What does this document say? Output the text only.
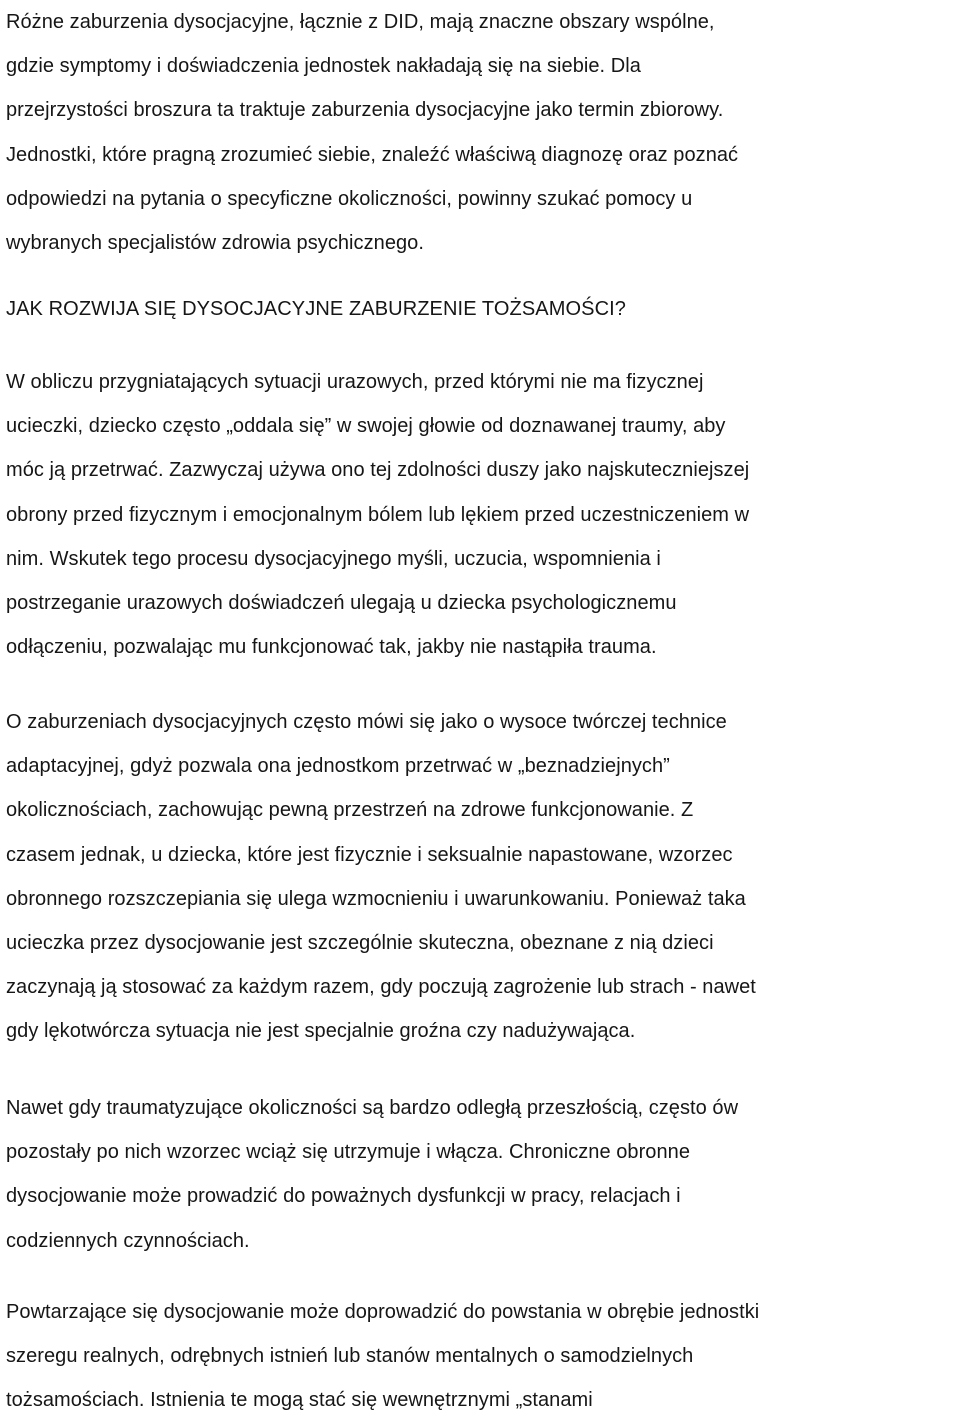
Różne zaburzenia dysocjacyjne, łącznie z DID, mają znaczne obszary wspólne,
gdzie symptomy i doświadczenia jednostek nakładają się na siebie. Dla
przejrzystości broszura ta traktuje zaburzenia dysocjacyjne jako termin zbiorowy.
Jednostki, które pragną zrozumieć siebie, znaleźć właściwą diagnozę oraz poznać
odpowiedzi na pytania o specyficzne okoliczności, powinny szukać pomocy u
wybranych specjalistów zdrowia psychicznego.
JAK ROZWIJA SIĘ DYSOCJACYJNE ZABURZENIE TOŻSAMOŚCI?
W obliczu przygniatających sytuacji urazowych, przed którymi nie ma fizycznej
ucieczki, dziecko często „oddala się” w swojej głowie od doznawanej traumy, aby
móc ją przetrwać. Zazwyczaj używa ono tej zdolności duszy jako najskuteczniejszej
obrony przed fizycznym i emocjonalnym bólem lub lękiem przed uczestniczeniem w
nim. Wskutek tego procesu dysocjacyjnego myśli, uczucia, wspomnienia i
postrzeganie urazowych doświadczeń ulegają u dziecka psychologicznemu
odłączeniu, pozwalając mu funkcjonować tak, jakby nie nastąpiła trauma.
O zaburzeniach dysocjacyjnych często mówi się jako o wysoce twórczej technice
adaptacyjnej, gdyż pozwala ona jednostkom przetrwać w „beznadziejnych”
okolicznościach, zachowując pewną przestrzeń na zdrowe funkcjonowanie. Z
czasem jednak, u dziecka, które jest fizycznie i seksualnie napastowane, wzorzec
obronnego rozszczepiania się ulega wzmocnieniu i uwarunkowaniu. Ponieważ taka
ucieczka przez dysocjowanie jest szczególnie skuteczna, obeznane z nią dzieci
zaczynają ją stosować za każdym razem, gdy poczują zagrożenie lub strach - nawet
gdy lękotwórcza sytuacja nie jest specjalnie groźna czy nadużywająca.
Nawet gdy traumatyzujące okoliczności są bardzo odległą przeszłością, często ów
pozostały po nich wzorzec wciąż się utrzymuje i włącza. Chroniczne obronne
dysocjowanie może prowadzić do poważnych dysfunkcji w pracy, relacjach i
codziennych czynnościach.
Powtarzające się dysocjowanie może doprowadzić do powstania w obrębie jednostki
szeregu realnych, odrębnych istnień lub stanów mentalnych o samodzielnych
tożsamościach. Istnienia te mogą stać się wewnętrznymi „stanami
